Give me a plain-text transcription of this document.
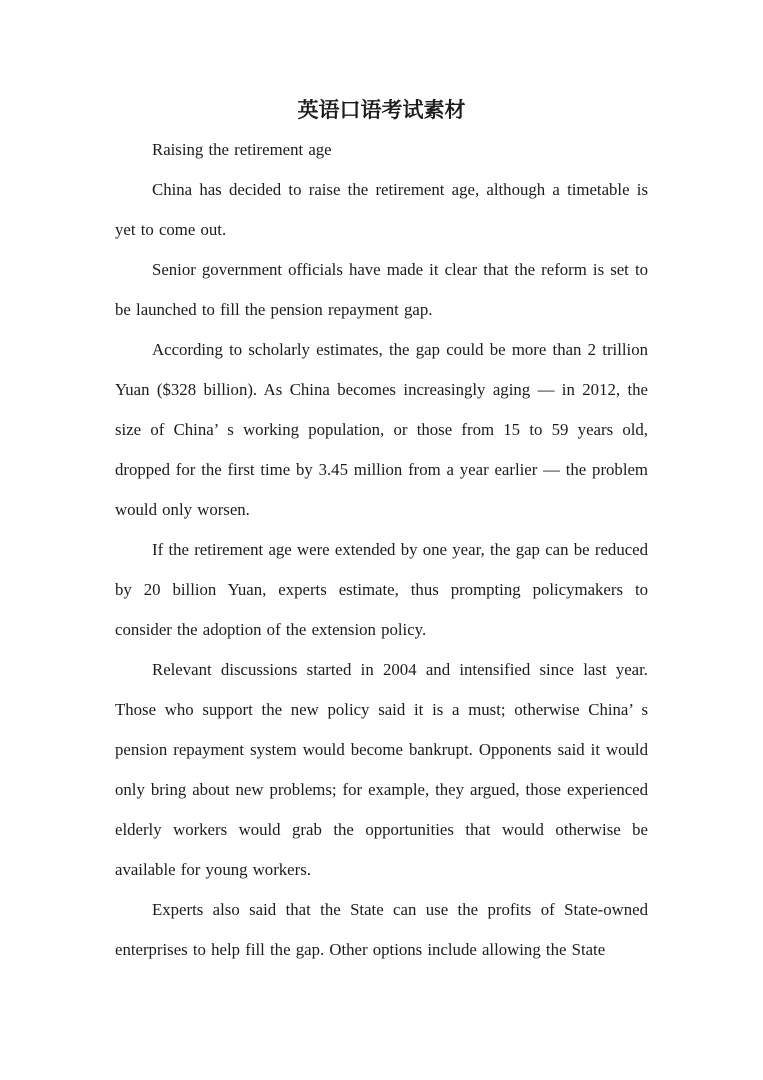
英语口语考试素材

Raising the retirement age

China has decided to raise the retirement age, although a timetable is yet to come out.

Senior government officials have made it clear that the reform is set to be launched to fill the pension repayment gap.

According to scholarly estimates, the gap could be more than 2 trillion Yuan ($328 billion). As China becomes increasingly aging — in 2012, the size of China’ s working population, or those from 15 to 59 years old, dropped for the first time by 3.45 million from a year earlier — the problem would only worsen.

If the retirement age were extended by one year, the gap can be reduced by 20 billion Yuan, experts estimate, thus prompting policymakers to consider the adoption of the extension policy.

Relevant discussions started in 2004 and intensified since last year. Those who support the new policy said it is a must; otherwise China’ s pension repayment system would become bankrupt. Opponents said it would only bring about new problems; for example, they argued, those experienced elderly workers would grab the opportunities that would otherwise be available for young workers.

Experts also said that the State can use the profits of State-owned enterprises to help fill the gap. Other options include allowing the State
